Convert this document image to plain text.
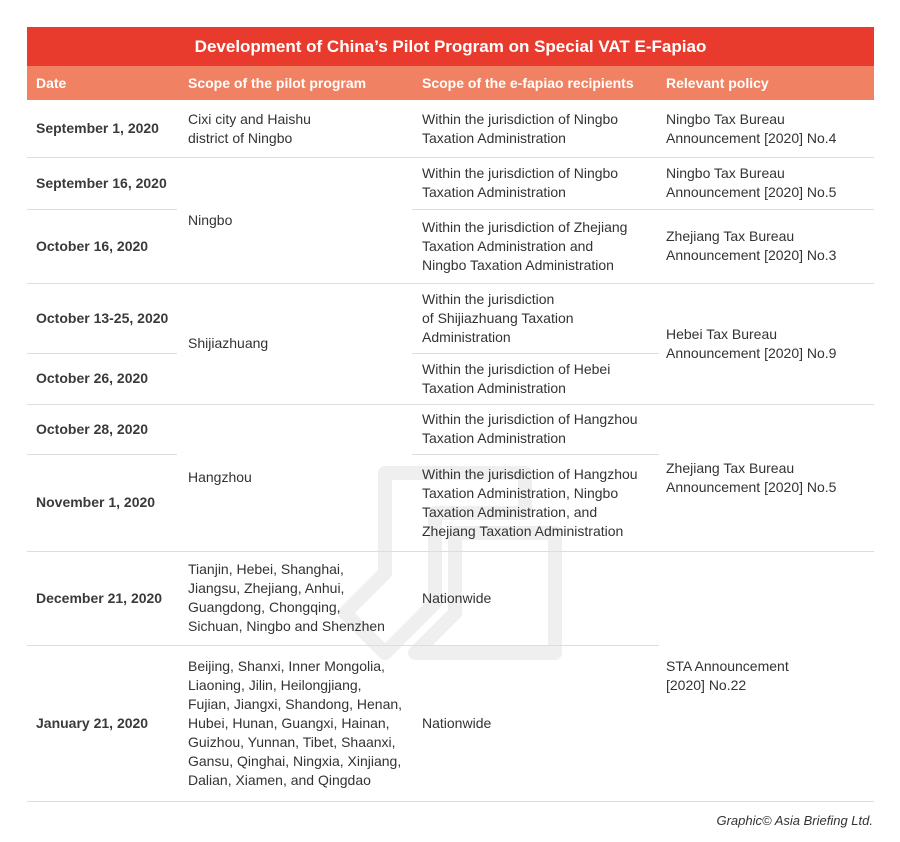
Development of China’s Pilot Program on Special VAT E-Fapiao
Date	Scope of the pilot program	Scope of the e-fapiao recipients Relevant policy
September 1, 2020
September 16, 2020
October 16, 2020
October 13-25, 2020
October 26, 2020
October 28, 2020
November 1, 2020
December 21, 2020
January 21, 2020
Cixi city and Haishu
district of Ningbo
Ningbo
Shijiazhuang
Hangzhou
Tianjin, Hebei, Shanghai,
Jiangsu, Zhejiang, Anhui,
Guangdong, Chongqing,
Sichuan, Ningbo and Shenzhen
Beijing, Shanxi, Inner Mongolia,
Liaoning, Jilin, Heilongjiang,
Fujian, Jiangxi, Shandong, Henan,
Hubei, Hunan, Guangxi, Hainan,
Guizhou, Yunnan, Tibet, Shaanxi,
Gansu, Qinghai, Ningxia, Xinjiang,
Dalian, Xiamen, and Qingdao
Within the jurisdiction of Ningbo
Taxation Administration
Within the jurisdiction of Ningbo
Taxation Administration
Within the jurisdiction of Zhejiang
Taxation Administration and
Ningbo Taxation Administration
Within the jurisdiction
of Shijiazhuang Taxation
Administration
Within the jurisdiction of Hebei
Taxation Administration
Within the jurisdiction of Hangzhou
Taxation Administration
Within the jurisdiction of Hangzhou
Taxation Administration, Ningbo
Taxation Administration, and
Zhejiang Taxation Administration
Nationwide
Nationwide
Ningbo Tax Bureau
Announcement [2020] No.4
Ningbo Tax Bureau
Announcement [2020] No.5
Zhejiang Tax Bureau
Announcement [2020] No.3
Hebei Tax Bureau
Announcement [2020] No.9
Zhejiang Tax Bureau
Announcement [2020] No.5
STA Announcement
[2020] No.22
Graphic© Asia Briefing Ltd.
